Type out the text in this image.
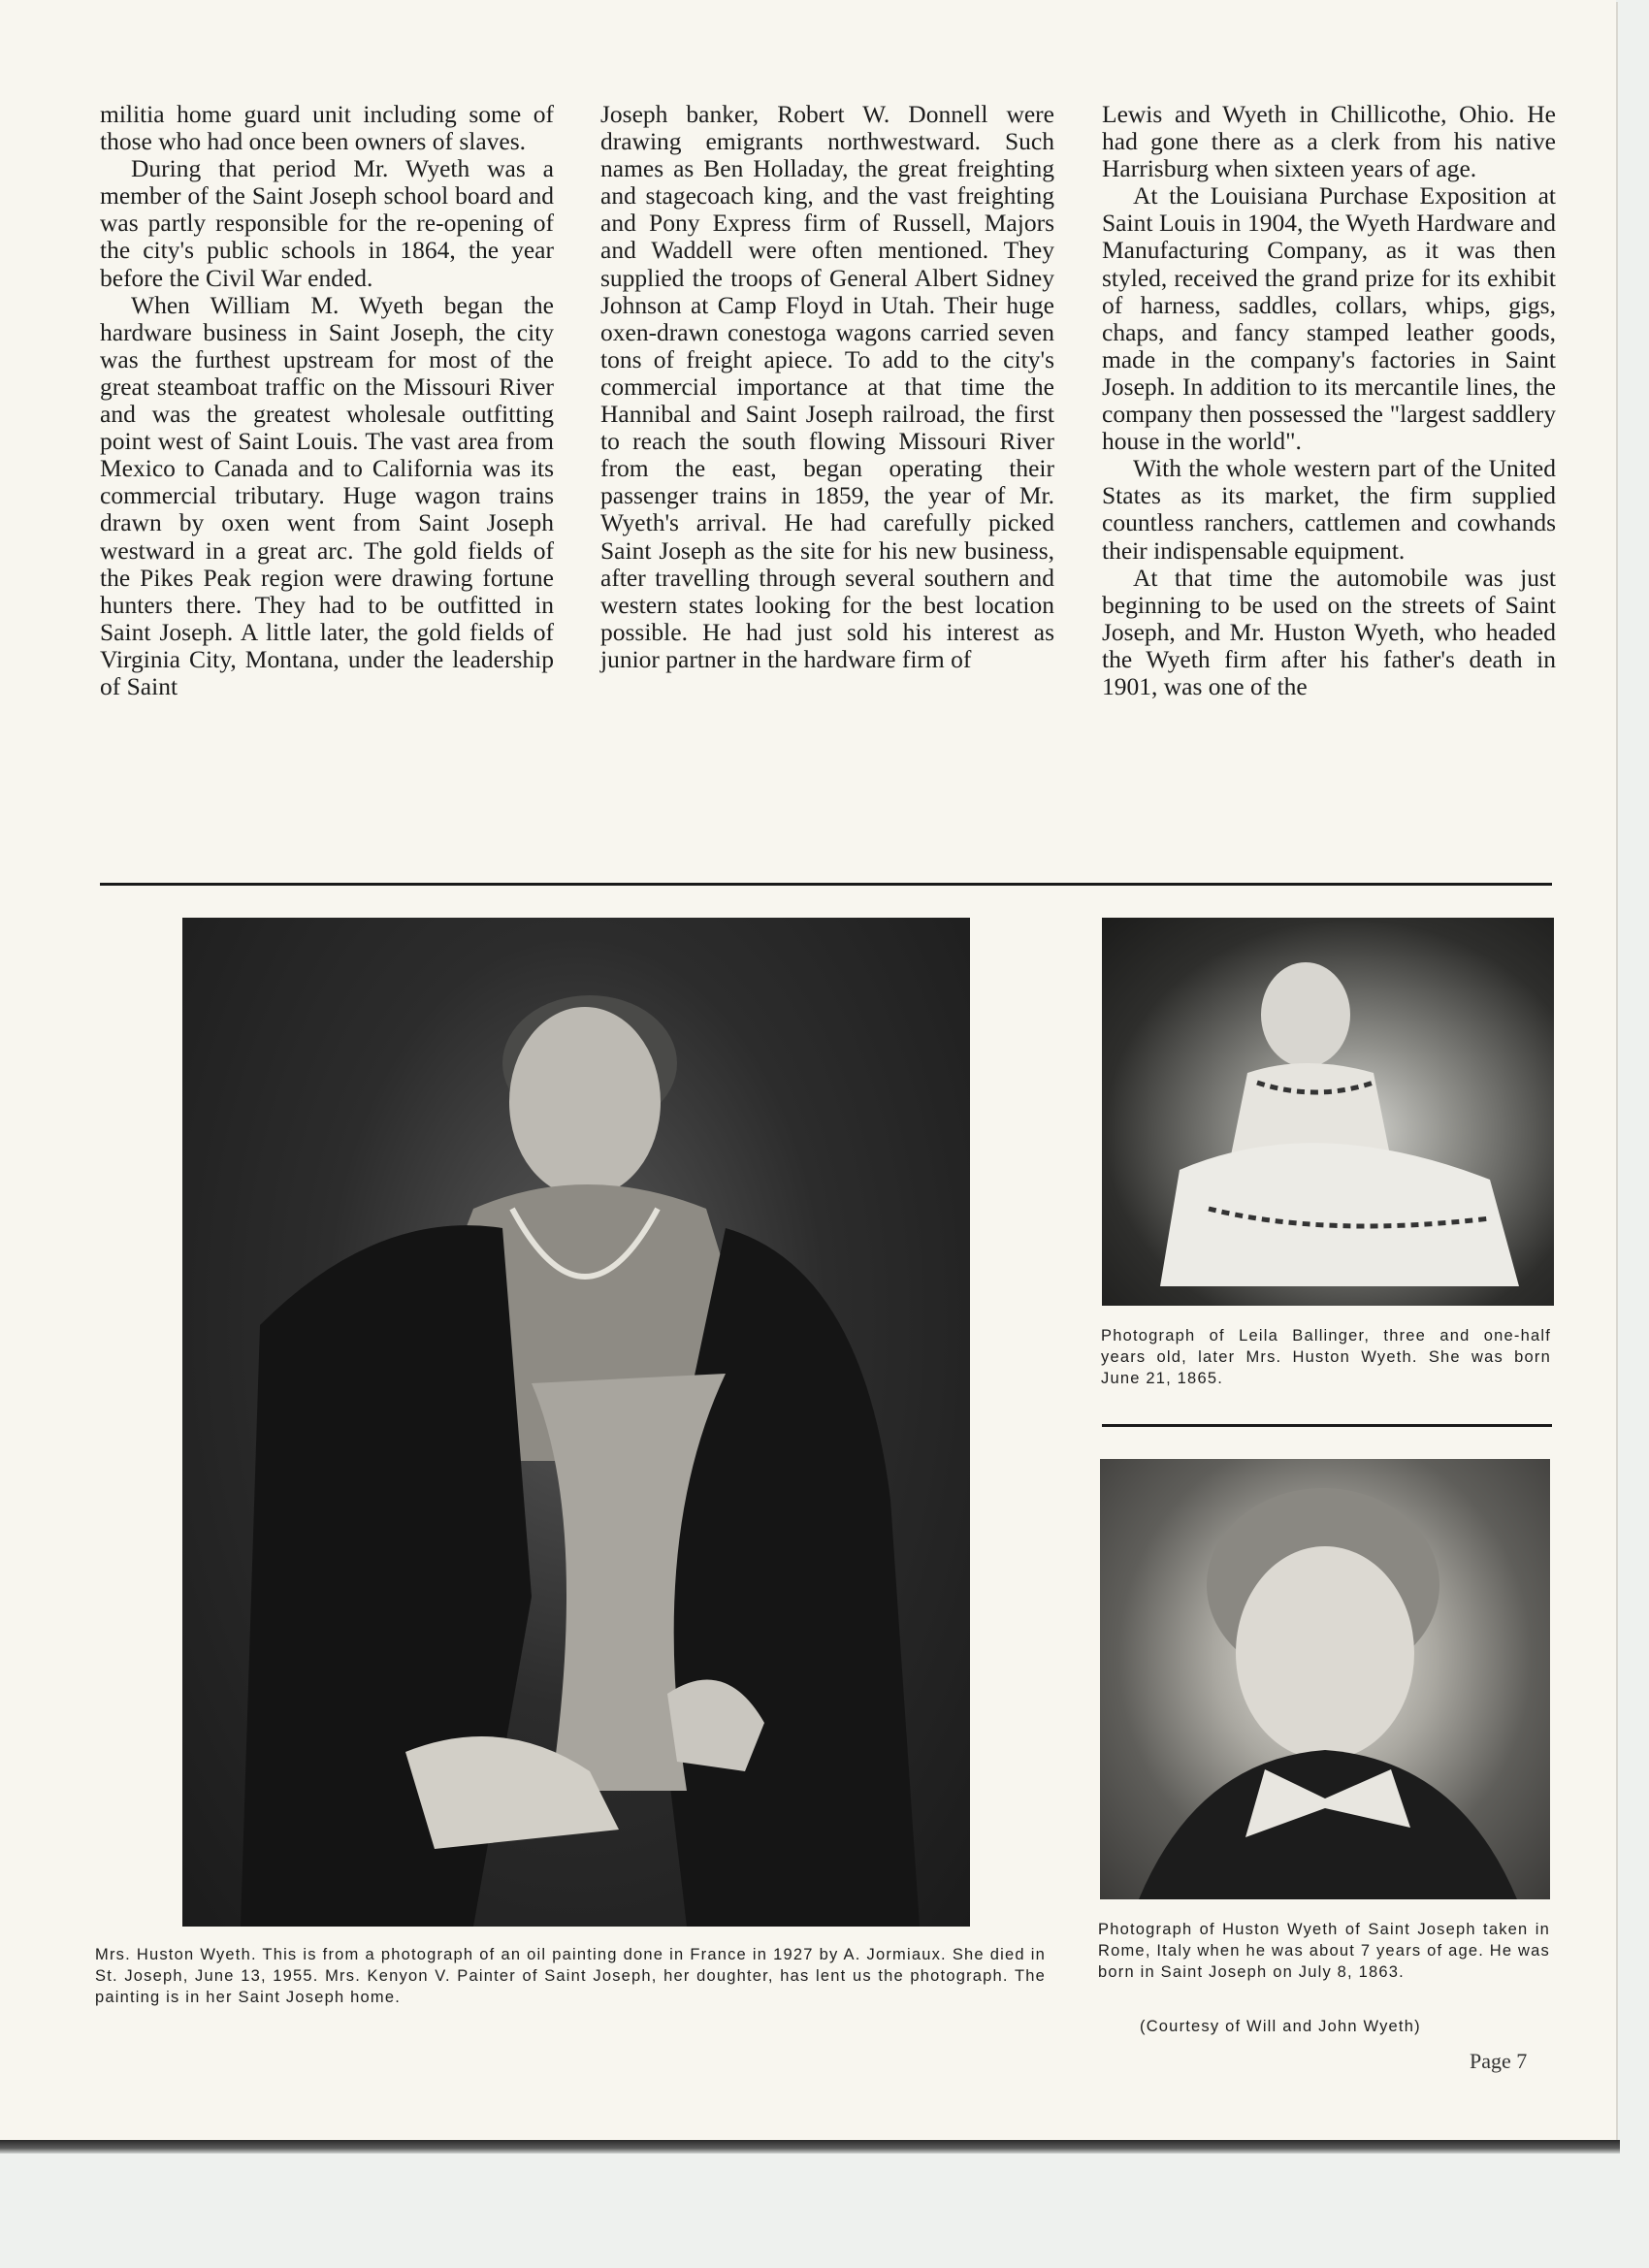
militia home guard unit including some of those who had once been owners of slaves.

During that period Mr. Wyeth was a member of the Saint Joseph school board and was partly responsible for the re-opening of the city's public schools in 1864, the year before the Civil War ended.

When William M. Wyeth began the hardware business in Saint Joseph, the city was the furthest upstream for most of the great steamboat traffic on the Missouri River and was the greatest wholesale outfitting point west of Saint Louis. The vast area from Mexico to Canada and to California was its commercial tributary. Huge wagon trains drawn by oxen went from Saint Joseph westward in a great arc. The gold fields of the Pikes Peak region were drawing fortune hunters there. They had to be outfitted in Saint Joseph. A little later, the gold fields of Virginia City, Montana, under the leadership of Saint

Joseph banker, Robert W. Donnell were drawing emigrants northwestward. Such names as Ben Holladay, the great freighting and stagecoach king, and the vast freighting and Pony Express firm of Russell, Majors and Waddell were often mentioned. They supplied the troops of General Albert Sidney Johnson at Camp Floyd in Utah. Their huge oxen-drawn conestoga wagons carried seven tons of freight apiece. To add to the city's commercial importance at that time the Hannibal and Saint Joseph railroad, the first to reach the south flowing Missouri River from the east, began operating their passenger trains in 1859, the year of Mr. Wyeth's arrival. He had carefully picked Saint Joseph as the site for his new business, after travelling through several southern and western states looking for the best location possible. He had just sold his interest as junior partner in the hardware firm of

Lewis and Wyeth in Chillicothe, Ohio. He had gone there as a clerk from his native Harrisburg when sixteen years of age.

At the Louisiana Purchase Exposition at Saint Louis in 1904, the Wyeth Hardware and Manufacturing Company, as it was then styled, received the grand prize for its exhibit of harness, saddles, collars, whips, gigs, chaps, and fancy stamped leather goods, made in the company's factories in Saint Joseph. In addition to its mercantile lines, the company then possessed the "largest saddlery house in the world".

With the whole western part of the United States as its market, the firm supplied countless ranchers, cattlemen and cowhands their indispensable equipment.

At that time the automobile was just beginning to be used on the streets of Saint Joseph, and Mr. Huston Wyeth, who headed the Wyeth firm after his father's death in 1901, was one of the

Photograph of Leila Ballinger, three and one-half years old, later Mrs. Huston Wyeth. She was born June 21, 1865.
Photograph of Huston Wyeth of Saint Joseph taken in Rome, Italy when he was about 7 years of age. He was born in Saint Joseph on July 8, 1863.
(Courtesy of Will and John Wyeth)
Mrs. Huston Wyeth. This is from a photograph of an oil painting done in France in 1927 by A. Jormiaux. She died in St. Joseph, June 13, 1955. Mrs. Kenyon V. Painter of Saint Joseph, her doughter, has lent us the photograph. The painting is in her Saint Joseph home.
Page 7
